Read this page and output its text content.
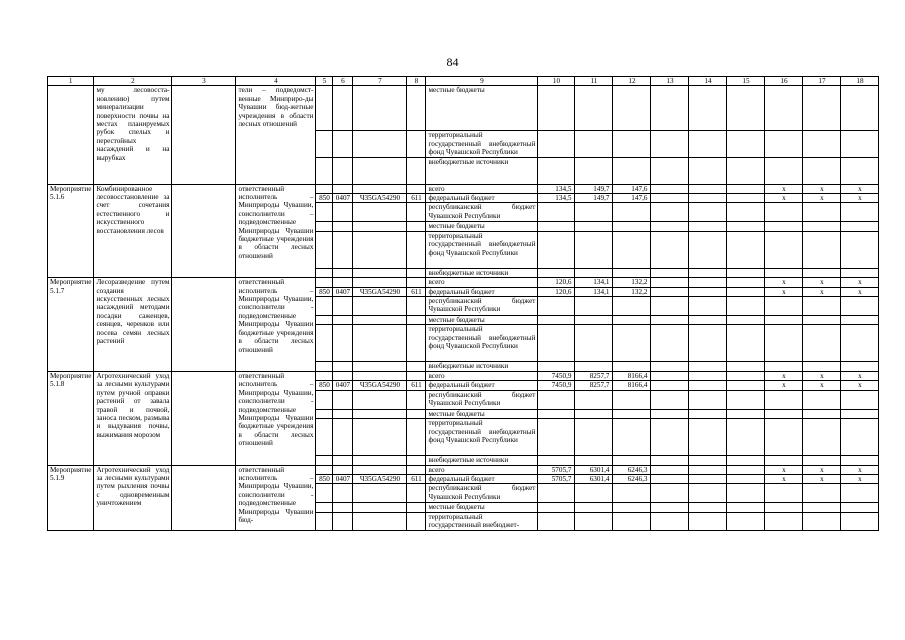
84
1	2	3	4	5	6	7	8	9	10	11	12	13	14	15	16	17	18
	му лесовосста-новлению) путем минерализации поверхности почвы на местах планируемых рубок спелых и перестойных насаждений и на вырубках		тели – подведомст-венные Минприро-ды Чувашии бюд-жетные учреждения в области лесных отношений					местные бюджеты									
								территориальный государственный внебюджетный фонд Чувашской Республики									
								внебюджетные источники									
Мероприятие 5.1.6	Комбинированное лесовосстановление за счет сочетания естественного и искусственного восстановления лесов		ответственный исполнитель – Минприроды Чувашии, соисполнители – подведомственные Минприроды Чувашии бюджетные учреждения в области лесных отношений					всего	134,5	149,7	147,6				x	x	x
				850	0407	Ч35GA54290	611	федеральный бюджет	134,5	149,7	147,6				x	x	x
								республиканский бюджет Чувашской Республики									
								местные бюджеты									
								территориальный государственный внебюджетный фонд Чувашской Республики									
								внебюджетные источники									
Мероприятие 5.1.7	Лесоразведение путем создания искусственных лесных насаждений методами посадки саженцев, сеянцев, черенков или посева семян лесных растений		ответственный исполнитель – Минприроды Чувашии, соисполнители - подведомственные Минприроды Чувашии бюджетные учреждения в области лесных отношений					всего	120,6	134,1	132,2				x	x	x
				850	0407	Ч35GA54290	611	федеральный бюджет	120,6	134,1	132,2				x	x	x
								республиканский бюджет Чувашской Республики									
								местные бюджеты									
								территориальный государственный внебюджетный фонд Чувашской Республики									
								внебюджетные источники									
Мероприятие 5.1.8	Агротехнический уход за лесными культурами путем ручной оправки растений от завала травой и почвой, заноса песком, размыва и выдувания почвы, выжимания морозом		ответственный исполнитель – Минприроды Чувашии, соисполнители - подведомственные Минприроды Чувашии бюджетные учреждения в области лесных отношений					всего	7450,9	8257,7	8166,4				x	x	x
				850	0407	Ч35GA54290	611	федеральный бюджет	7450,9	8257,7	8166,4				x	x	x
								республиканский бюджет Чувашской Республики									
								местные бюджеты									
								территориальный государственный внебюджетный фонд Чувашской Республики									
								внебюджетные источники									
Мероприятие 5.1.9	Агротехнический уход за лесными культурами путем рыхления почвы с одновременным уничтожением		ответственный исполнитель – Минприроды Чувашии, соисполнители - подведомственные Минприроды Чувашии бюд-					всего	5705,7	6301,4	6246,3				x	x	x
				850	0407	Ч35GA54290	611	федеральный бюджет	5705,7	6301,4	6246,3				x	x	x
								республиканский бюджет Чувашской Республики									
								местные бюджеты									
								территориальный государственный внебюджет-									
